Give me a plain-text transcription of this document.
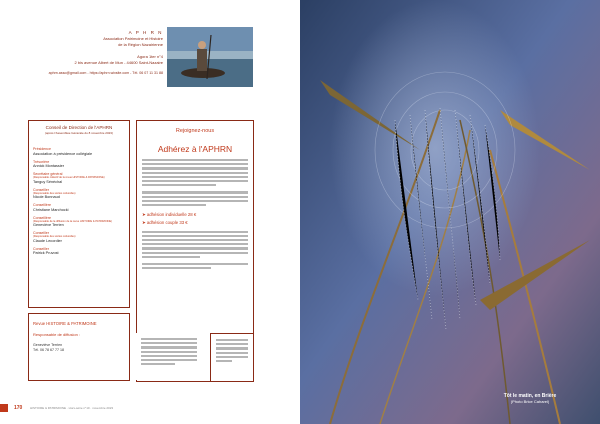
A P H R N
Association Patrimoine et Histoire
de la Région Nazairienne
Agora 1ter n°4
2 bis avenue Albert de Mun - 44600 Saint-Nazaire
aphrn.asso@gmail.com - https://aphrn.wixsite.com - Tél. 06 07 11 31 88
Conseil de Direction de l'APHRN
(après l'Assemblée Générale du 8 novembre 2023)
Présidence
Association à présidence collégiale
Trésorière
Annick Montassier
Secrétaire général
(Responsable collectif de la revue HISTOIRE & PATRIMOINE)
Tanguy Sénéchal
Conseiller
(Responsable des sorties culturelles)
Nicole Bonnaud
Conseillère
Christiane Marchocki
Conseillère
(Responsable de la diffusion de la revue HISTOIRE & PATRIMOINE)
Geneviève Terrien
Conseiller
(Responsable des sorties culturelles)
Claude Lecordier
Conseiller
Patrick Pruvost
Rejoignez-nous
Adhérez à l'APHRN
➤ adhésion individuelle 28 €
➤ adhésion couple 33 €
Revue HISTOIRE & PATRIMOINE
Responsable de diffusion :
Geneviève Terrien
Tél. 06 78 67 77 18
170	HISTOIRE & PATRIMOINE · Hors-série n°10 · novembre 2023
Tôt le matin, en Brière
(Photo Brice Caharel)
